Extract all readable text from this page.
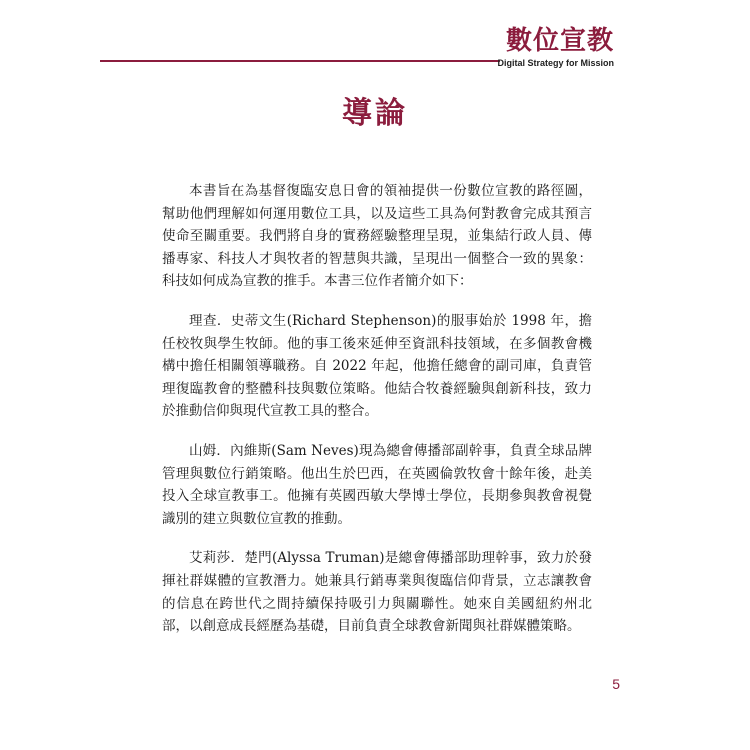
數位宣教
Digital Strategy for Mission
導論

本書旨在為基督復臨安息日會的領袖提供一份數位宣教的路徑圖，幫助他們理解如何運用數位工具，以及這些工具為何對教會完成其預言使命至關重要。我們將自身的實務經驗整理呈現，並集結行政人員、傳播專家、科技人才與牧者的智慧與共識，呈現出一個整合一致的異象：科技如何成為宣教的推手。本書三位作者簡介如下：

理查．史蒂文生(Richard Stephenson)的服事始於 1998 年，擔任校牧與學生牧師。他的事工後來延伸至資訊科技領域，在多個教會機構中擔任相關領導職務。自 2022 年起，他擔任總會的副司庫，負責管理復臨教會的整體科技與數位策略。他結合牧養經驗與創新科技，致力於推動信仰與現代宣教工具的整合。

山姆．內維斯(Sam Neves)現為總會傳播部副幹事，負責全球品牌管理與數位行銷策略。他出生於巴西，在英國倫敦牧會十餘年後，赴美投入全球宣教事工。他擁有英國西敏大學博士學位，長期參與教會視覺識別的建立與數位宣教的推動。

艾莉莎．楚門(Alyssa Truman)是總會傳播部助理幹事，致力於發揮社群媒體的宣教潛力。她兼具行銷專業與復臨信仰背景，立志讓教會的信息在跨世代之間持續保持吸引力與關聯性。她來自美國紐約州北部，以創意成長經歷為基礎，目前負責全球教會新聞與社群媒體策略。

5
